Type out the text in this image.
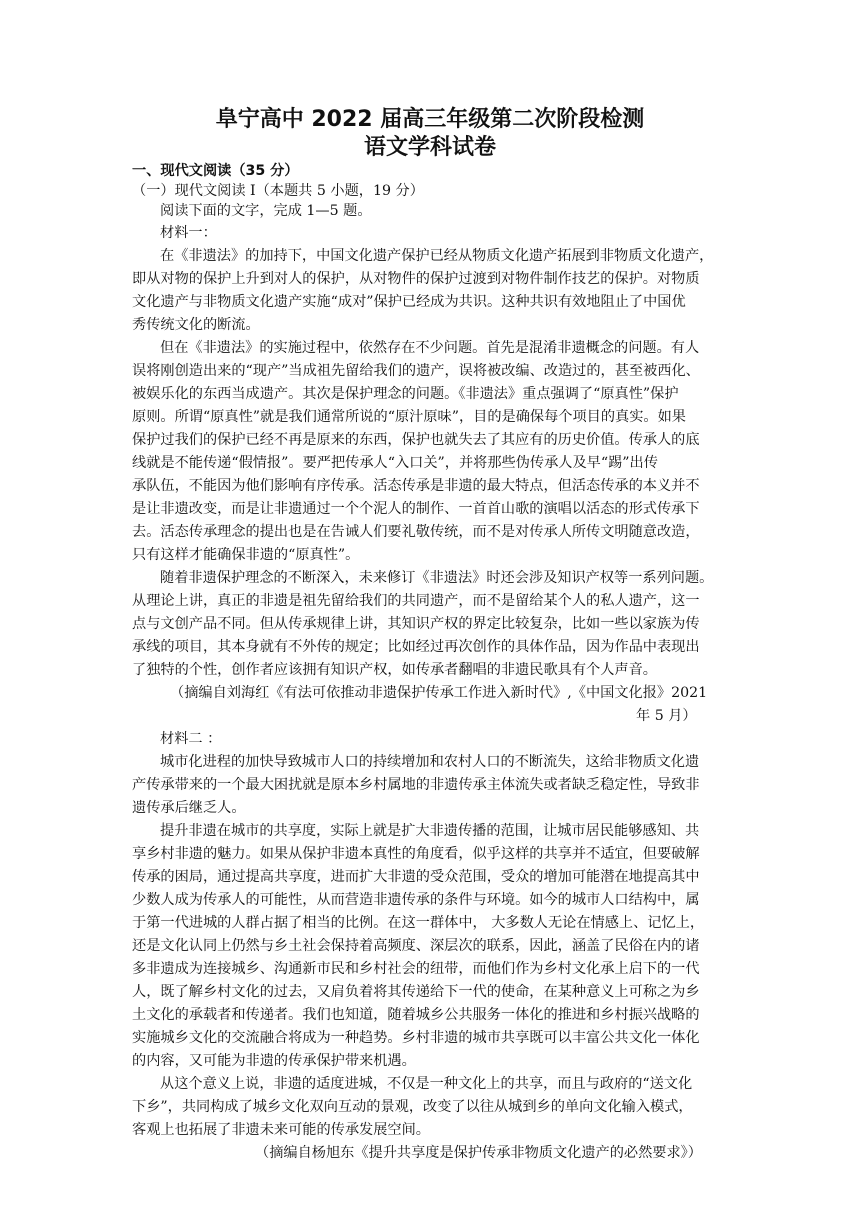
阜宁高中 2022 届高三年级第二次阶段检测
语文学科试卷
一、现代文阅读（35 分）
（一）现代文阅读 I（本题共 5 小题，19 分）
阅读下面的文字，完成 1—5 题。
材料一：
在《非遗法》的加持下，中国文化遗产保护已经从物质文化遗产拓展到非物质文化遗产，
即从对物的保护上升到对人的保护，从对物件的保护过渡到对物件制作技艺的保护。对物质
文化遗产与非物质文化遗产实施“成对”保护已经成为共识。这种共识有效地阻止了中国优
秀传统文化的断流。
但在《非遗法》的实施过程中，依然存在不少问题。首先是混淆非遗概念的问题。有人
误将刚创造出来的“现产”当成祖先留给我们的遗产，误将被改编、改造过的，甚至被西化、
被娱乐化的东西当成遗产。其次是保护理念的问题。《非遗法》重点强调了“原真性”保护
原则。所谓“原真性”就是我们通常所说的“原汁原味”，目的是确保每个项目的真实。如果
保护过我们的保护已经不再是原来的东西，保护也就失去了其应有的历史价值。传承人的底
线就是不能传递“假情报”。要严把传承人“入口关”，并将那些伪传承人及早“踢”出传
承队伍，不能因为他们影响有序传承。活态传承是非遗的最大特点，但活态传承的本义并不
是让非遗改变，而是让非遗通过一个个泥人的制作、一首首山歌的演唱以活态的形式传承下
去。活态传承理念的提出也是在告诫人们要礼敬传统，而不是对传承人所传文明随意改造，
只有这样才能确保非遗的“原真性”。
随着非遗保护理念的不断深入，未来修订《非遗法》时还会涉及知识产权等一系列问题。
从理论上讲，真正的非遗是祖先留给我们的共同遗产，而不是留给某个人的私人遗产，这一
点与文创产品不同。但从传承规律上讲，其知识产权的界定比较复杂，比如一些以家族为传
承线的项目，其本身就有不外传的规定；比如经过再次创作的具体作品，因为作品中表现出
了独特的个性，创作者应该拥有知识产权，如传承者翻唱的非遗民歌具有个人声音。
（摘编自刘海红《有法可依推动非遗保护传承工作进入新时代》,《中国文化报》2021
年 5 月）
材料二 ：
城市化进程的加快导致城市人口的持续增加和农村人口的不断流失，这给非物质文化遗
产传承带来的一个最大困扰就是原本乡村属地的非遗传承主体流失或者缺乏稳定性，导致非
遗传承后继乏人。
提升非遗在城市的共享度，实际上就是扩大非遗传播的范围，让城市居民能够感知、共
享乡村非遗的魅力。如果从保护非遗本真性的角度看，似乎这样的共享并不适宜，但要破解
传承的困局，通过提高共享度，进而扩大非遗的受众范围，受众的增加可能潜在地提高其中
少数人成为传承人的可能性，从而营造非遗传承的条件与环境。如今的城市人口结构中，属
于第一代进城的人群占据了相当的比例。在这一群体中， 大多数人无论在情感上、记忆上，
还是文化认同上仍然与乡土社会保持着高频度、深层次的联系，因此，涵盖了民俗在内的诸
多非遗成为连接城乡、沟通新市民和乡村社会的纽带，而他们作为乡村文化承上启下的一代
人，既了解乡村文化的过去，又肩负着将其传递给下一代的使命，在某种意义上可称之为乡
土文化的承载者和传递者。我们也知道，随着城乡公共服务一体化的推进和乡村振兴战略的
实施城乡文化的交流融合将成为一种趋势。乡村非遗的城市共享既可以丰富公共文化一体化
的内容，又可能为非遗的传承保护带来机遇。
从这个意义上说，非遗的适度进城，不仅是一种文化上的共享，而且与政府的“送文化
下乡”，共同构成了城乡文化双向互动的景观，改变了以往从城到乡的单向文化输入模式，
客观上也拓展了非遗未来可能的传承发展空间。
（摘编自杨旭东《提升共享度是保护传承非物质文化遗产的必然要求》）
